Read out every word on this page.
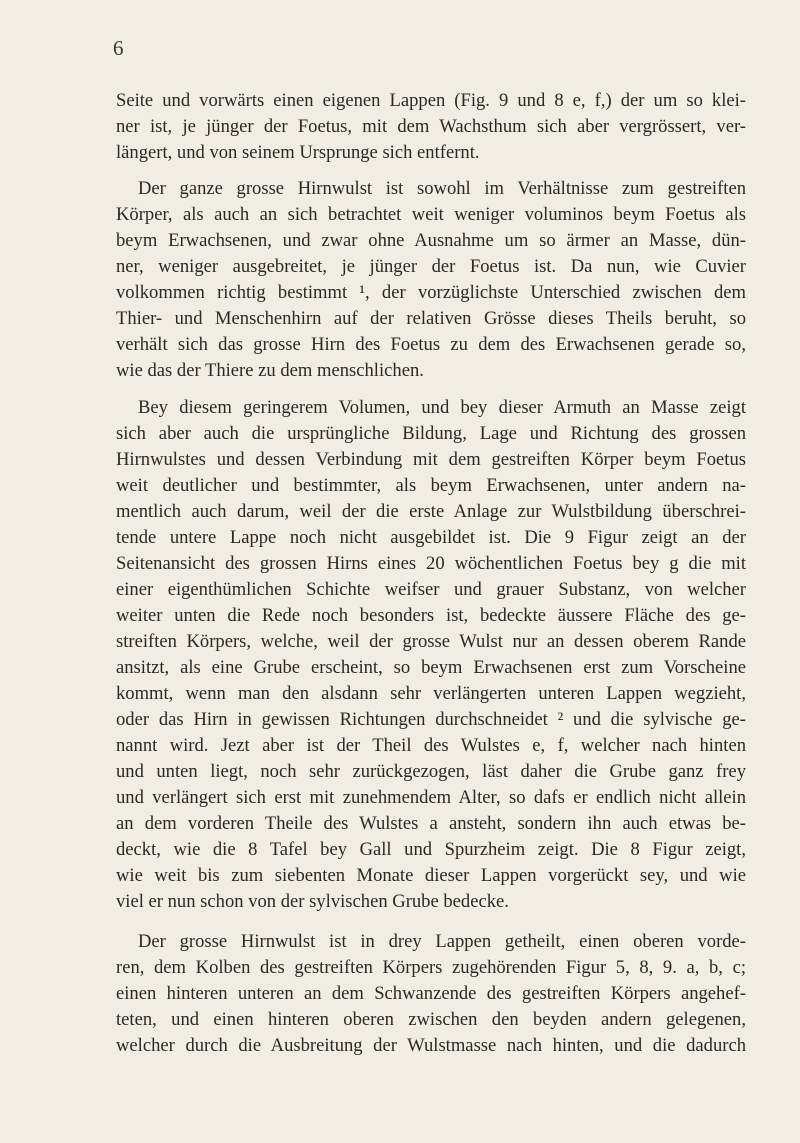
6
Seite und vorwärts einen eigenen Lappen (Fig. 9 und 8 e, f,) der um so klei-
ner ist, je jünger der Foetus, mit dem Wachsthum sich aber vergrössert, ver-
längert, und von seinem Ursprunge sich entfernt.
Der ganze grosse Hirnwulst ist sowohl im Verhältnisse zum gestreiften
Körper, als auch an sich betrachtet weit weniger voluminos beym Foetus als
beym Erwachsenen, und zwar ohne Ausnahme um so ärmer an Masse, dün-
ner, weniger ausgebreitet, je jünger der Foetus ist. Da nun, wie Cuvier
volkommen richtig bestimmt ¹, der vorzüglichste Unterschied zwischen dem
Thier- und Menschenhirn auf der relativen Grösse dieses Theils beruht, so
verhält sich das grosse Hirn des Foetus zu dem des Erwachsenen gerade so,
wie das der Thiere zu dem menschlichen.
Bey diesem geringerem Volumen, und bey dieser Armuth an Masse zeigt
sich aber auch die ursprüngliche Bildung, Lage und Richtung des grossen
Hirnwulstes und dessen Verbindung mit dem gestreiften Körper beym Foetus
weit deutlicher und bestimmter, als beym Erwachsenen, unter andern na-
mentlich auch darum, weil der die erste Anlage zur Wulstbildung überschrei-
tende untere Lappe noch nicht ausgebildet ist. Die 9 Figur zeigt an der
Seitenansicht des grossen Hirns eines 20 wöchentlichen Foetus bey g die mit
einer eigenthümlichen Schichte weifser und grauer Substanz, von welcher
weiter unten die Rede noch besonders ist, bedeckte äussere Fläche des ge-
streiften Körpers, welche, weil der grosse Wulst nur an dessen oberem Rande
ansitzt, als eine Grube erscheint, so beym Erwachsenen erst zum Vorscheine
kommt, wenn man den alsdann sehr verlängerten unteren Lappen wegzieht,
oder das Hirn in gewissen Richtungen durchschneidet ² und die sylvische ge-
nannt wird. Jezt aber ist der Theil des Wulstes e, f, welcher nach hinten
und unten liegt, noch sehr zurückgezogen, läst daher die Grube ganz frey
und verlängert sich erst mit zunehmendem Alter, so dafs er endlich nicht allein
an dem vorderen Theile des Wulstes a ansteht, sondern ihn auch etwas be-
deckt, wie die 8 Tafel bey Gall und Spurzheim zeigt. Die 8 Figur zeigt,
wie weit bis zum siebenten Monate dieser Lappen vorgerückt sey, und wie
viel er nun schon von der sylvischen Grube bedecke.
Der grosse Hirnwulst ist in drey Lappen getheilt, einen oberen vorde-
ren, dem Kolben des gestreiften Körpers zugehörenden Figur 5, 8, 9. a, b, c;
einen hinteren unteren an dem Schwanzende des gestreiften Körpers angehef-
teten, und einen hinteren oberen zwischen den beyden andern gelegenen,
welcher durch die Ausbreitung der Wulstmasse nach hinten, und die dadurch
